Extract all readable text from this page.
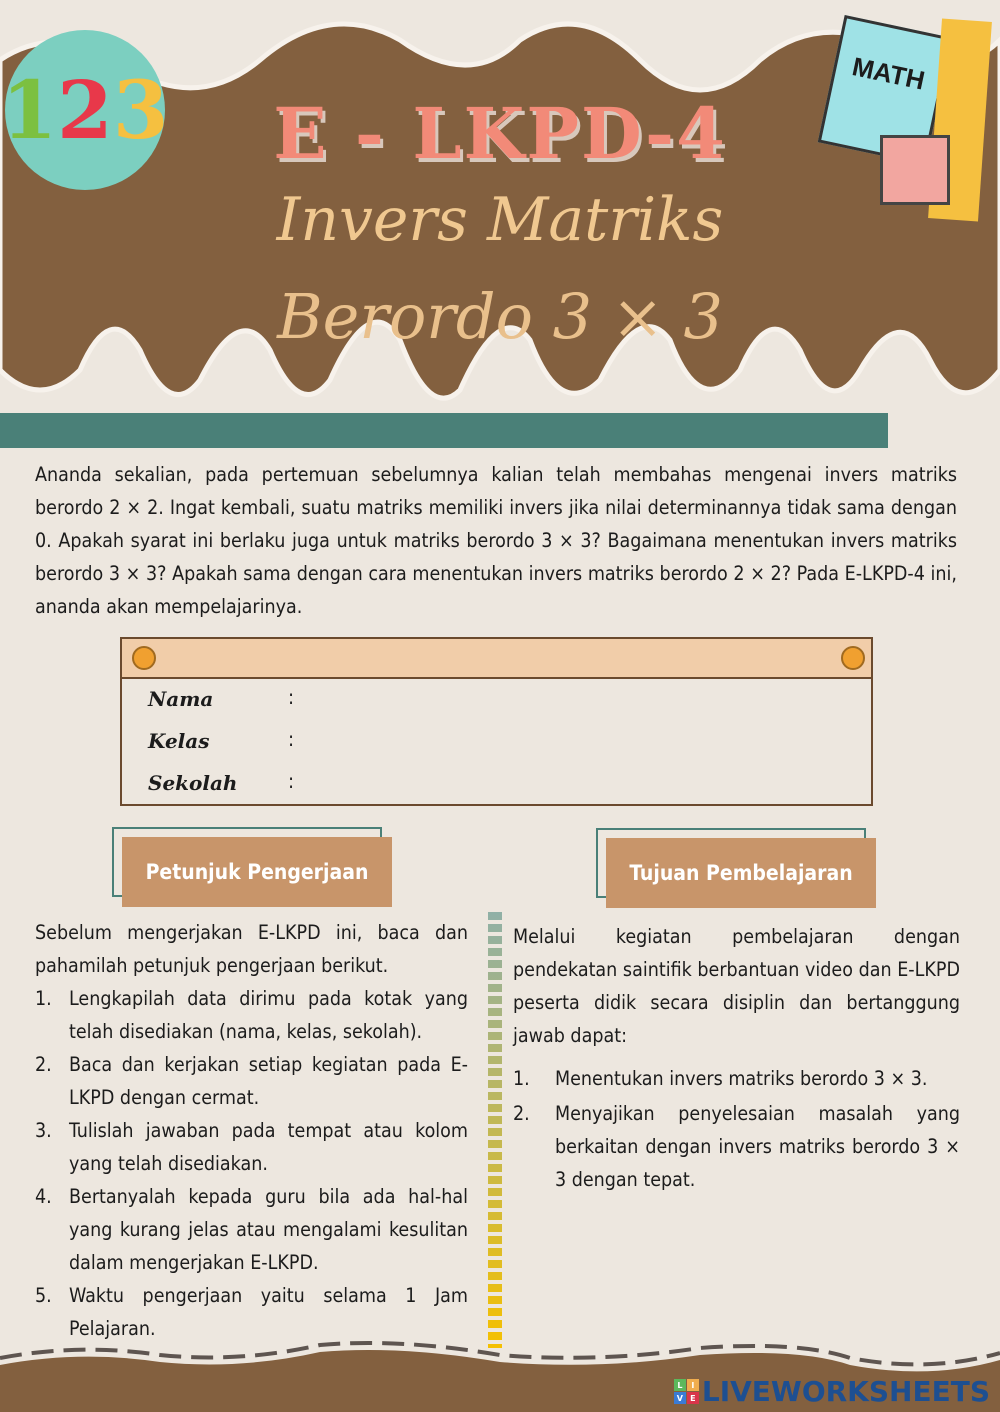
1 2 3	MATH
E - LKPD-4
Invers Matriks
Berordo 3 × 3

Ananda sekalian, pada pertemuan sebelumnya kalian telah membahas mengenai invers matriks berordo 2 × 2. Ingat kembali, suatu matriks memiliki invers jika nilai determinannya tidak sama dengan 0. Apakah syarat ini berlaku juga untuk matriks berordo 3 × 3? Bagaimana menentukan invers matriks berordo 3 × 3? Apakah sama dengan cara menentukan invers matriks berordo 2 × 2? Pada E-LKPD-4 ini, ananda akan mempelajarinya.

Nama	:
Kelas	:
Sekolah	:
Petunjuk Pengerjaan	Tujuan Pembelajaran

Sebelum mengerjakan E-LKPD ini, baca dan pahamilah petunjuk pengerjaan berikut.

1. Lengkapilah data dirimu pada kotak yang telah disediakan (nama, kelas, sekolah).
2. Baca dan kerjakan setiap kegiatan pada E-LKPD dengan cermat.
3. Tulislah jawaban pada tempat atau kolom yang telah disediakan.
4. Bertanyalah kepada guru bila ada hal-hal yang kurang jelas atau mengalami kesulitan dalam mengerjakan E-LKPD.
5. Waktu pengerjaan yaitu selama 1 Jam Pelajaran.

Melalui kegiatan pembelajaran dengan pendekatan saintifik berbantuan video dan E-LKPD peserta didik secara disiplin dan bertanggung jawab dapat:

1. Menentukan invers matriks berordo 3 × 3.
2. Menyajikan penyelesaian masalah yang berkaitan dengan invers matriks berordo 3 × 3 dengan tepat.
L	I
V E LIVEWORKSHEETS
